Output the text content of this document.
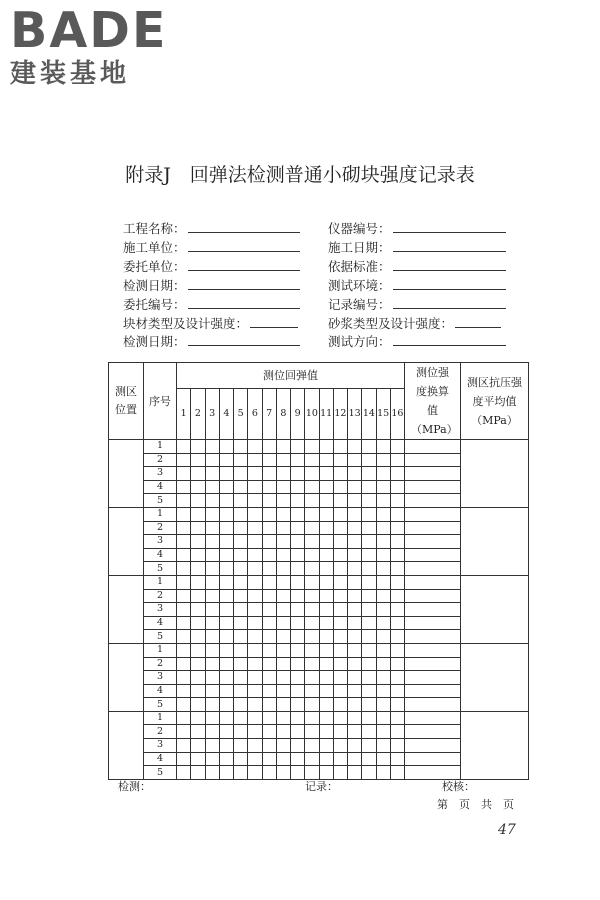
BADE
建装基地
附录J　回弹法检测普通小砌块强度记录表
工程名称：	仪器编号：
施工单位：	施工日期：
委托单位：	依据标准：
检测日期：	测试环境：
委托编号：	记录编号：
块材类型及设计强度：	砂浆类型及设计强度：
检测日期：	测试方向：
测区位置	序号	测位回弹值																测位强度换算值（MPa）	测区抗压强度平均值（MPa）
		1	2	3	4	5	6	7	8	9	10	11	12	13	14	15	16		
	1																		
	2																		
	3																		
	4																		
	5																		
	1																		
	2																		
	3																		
	4																		
	5																		
	1																		
	2																		
	3																		
	4																		
	5																		
	1																		
	2																		
	3																		
	4																		
	5																		
	1																		
	2																		
	3																		
	4																		
	5																		
检测：	记录：	校核：
第　页　共　页
47
